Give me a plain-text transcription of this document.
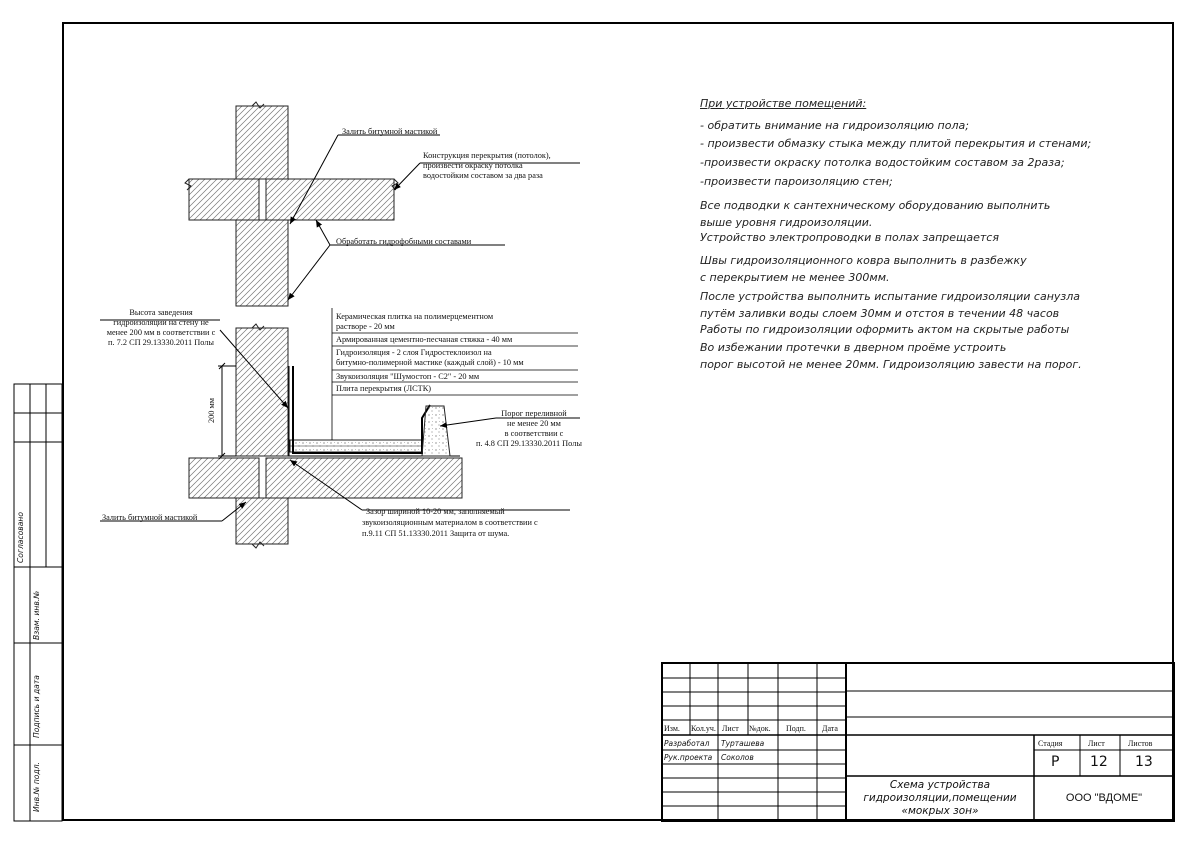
Залить битумной мастикой
Конструкция перекрытия (потолок),
произвести окраску потолка
водостойким составом за два раза
Обработать гидрофобными составами
Высота заведения
гидроизоляции на стену не
менее 200 мм в соответствии с
п. 7.2 СП 29.13330.2011 Полы
200 мм
Керамическая плитка на полимерцементном
растворе - 20 мм
Армированная цементно-песчаная стяжка - 40 мм
Гидроизоляция - 2 слоя Гидростеклоизол на
битумно-полимерной мастике (каждый слой) - 10 мм
Звукоизоляция "Шумостоп - С2" - 20 мм
Плита перекрытия (ЛСТК)
Порог переливной
не менее 20 мм
в соответствии с
п. 4.8 СП 29.13330.2011 Полы
Залить битумной мастикой
Зазор шириной 10-20 мм, заполняемый
звукоизоляционным материалом в соответствии с
п.9.11 СП 51.13330.2011 Защита от шума.
При устройстве помещений:
- обратить внимание на гидроизоляцию пола;
- произвести обмазку стыка между плитой перекрытия и стенами;
-произвести окраску потолка водостойким составом за 2раза;
-произвести пароизоляцию стен;
Все подводки к сантехническому оборудованию выполнить
выше уровня гидроизоляции.
Устройство электропроводки в полах запрещается
Швы гидроизоляционного ковра выполнить в разбежку
с перекрытием не менее 300мм.
После устройства выполнить испытание гидроизоляции санузла
путём заливки воды слоем 30мм и отстоя в течении 48 часов
Работы по гидроизоляции оформить актом на скрытые работы
Во избежании протечки в дверном проёме устроить
порог высотой не менее 20мм. Гидроизоляцию завести на порог.
Согласовано
Взам. инв.№
Подпись и дата
Инв.№ подл.
Изм. Кол.уч. Лист №док. Подп. Дата
Разработал Турташева
Рук.проекта Соколов
Стадия	Лист	Листов
Р 12 13
Схема устройства
гидроизоляции,помещении
«мокрых зон»
ООО "ВДОМЕ"
